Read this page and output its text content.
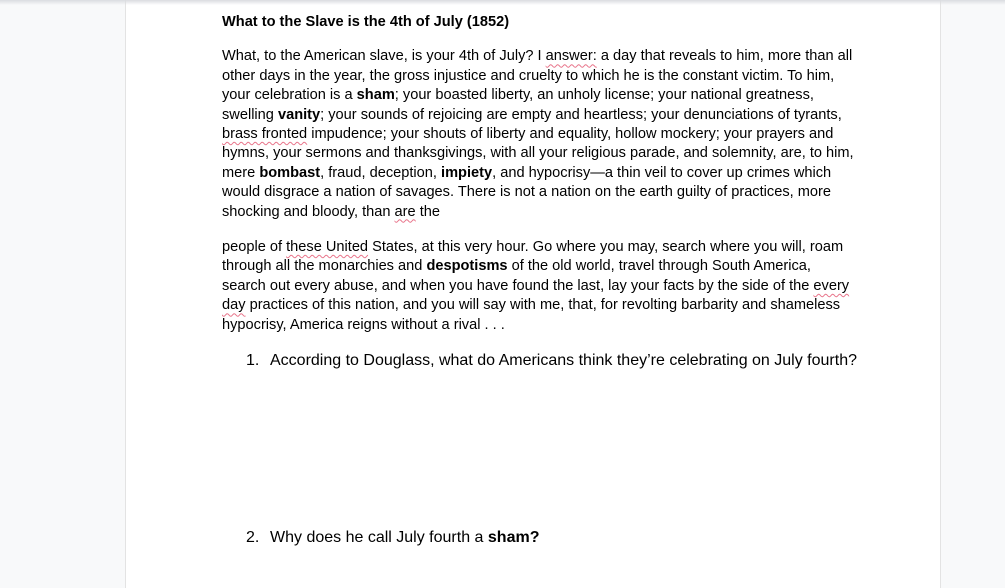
What to the Slave is the 4th of July (1852)

What, to the American slave, is your 4th of July? I answer: a day that reveals to him, more than all other days in the year, the gross injustice and cruelty to which he is the constant victim. To him, your celebration is a sham; your boasted liberty, an unholy license; your national greatness, swelling vanity; your sounds of rejoicing are empty and heartless; your denunciations of tyrants, brass fronted impudence; your shouts of liberty and equality, hollow mockery; your prayers and hymns, your sermons and thanksgivings, with all your religious parade, and solemnity, are, to him, mere bombast, fraud, deception, impiety, and hypocrisy—a thin veil to cover up crimes which would disgrace a nation of savages. There is not a nation on the earth guilty of practices, more shocking and bloody, than are the

people of these United States, at this very hour. Go where you may, search where you will, roam through all the monarchies and despotisms of the old world, travel through South America, search out every abuse, and when you have found the last, lay your facts by the side of the every day practices of this nation, and you will say with me, that, for revolting barbarity and shameless hypocrisy, America reigns without a rival . . .

1. According to Douglass, what do Americans think they’re celebrating on July fourth?
2. Why does he call July fourth a sham?
